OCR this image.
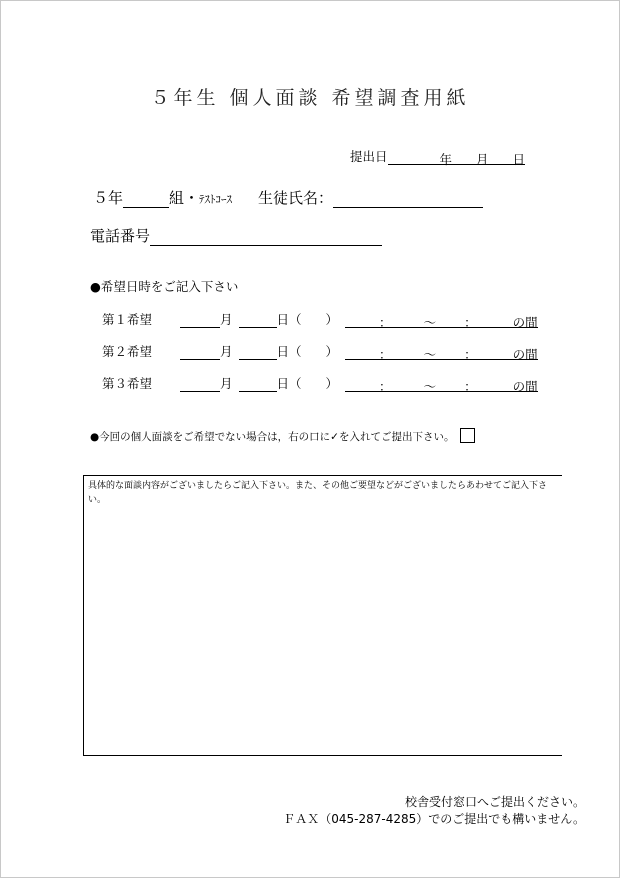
５年生 個人面談 希望調査用紙
提出日	年 月 日
５年	組・ﾃｽﾄｺｰｽ 生徒氏名：
電話番号
●希望日時をご記入下さい
第１希望	月	日（ ）	：	～ ：	の間
第２希望	月	日（ ）	：	～ ：	の間
第３希望	月	日（ ）	：	～ ：	の間
●今回の個人面談をご希望でない場合は，右の口に✓を入れてご提出下さい。
具体的な面談内容がございましたらご記入下さい。また、その他ご要望などがございましたらあわせてご記入下さい。
校舎受付窓口へご提出ください。
ＦＡＸ（045-287-4285）でのご提出でも構いません。
